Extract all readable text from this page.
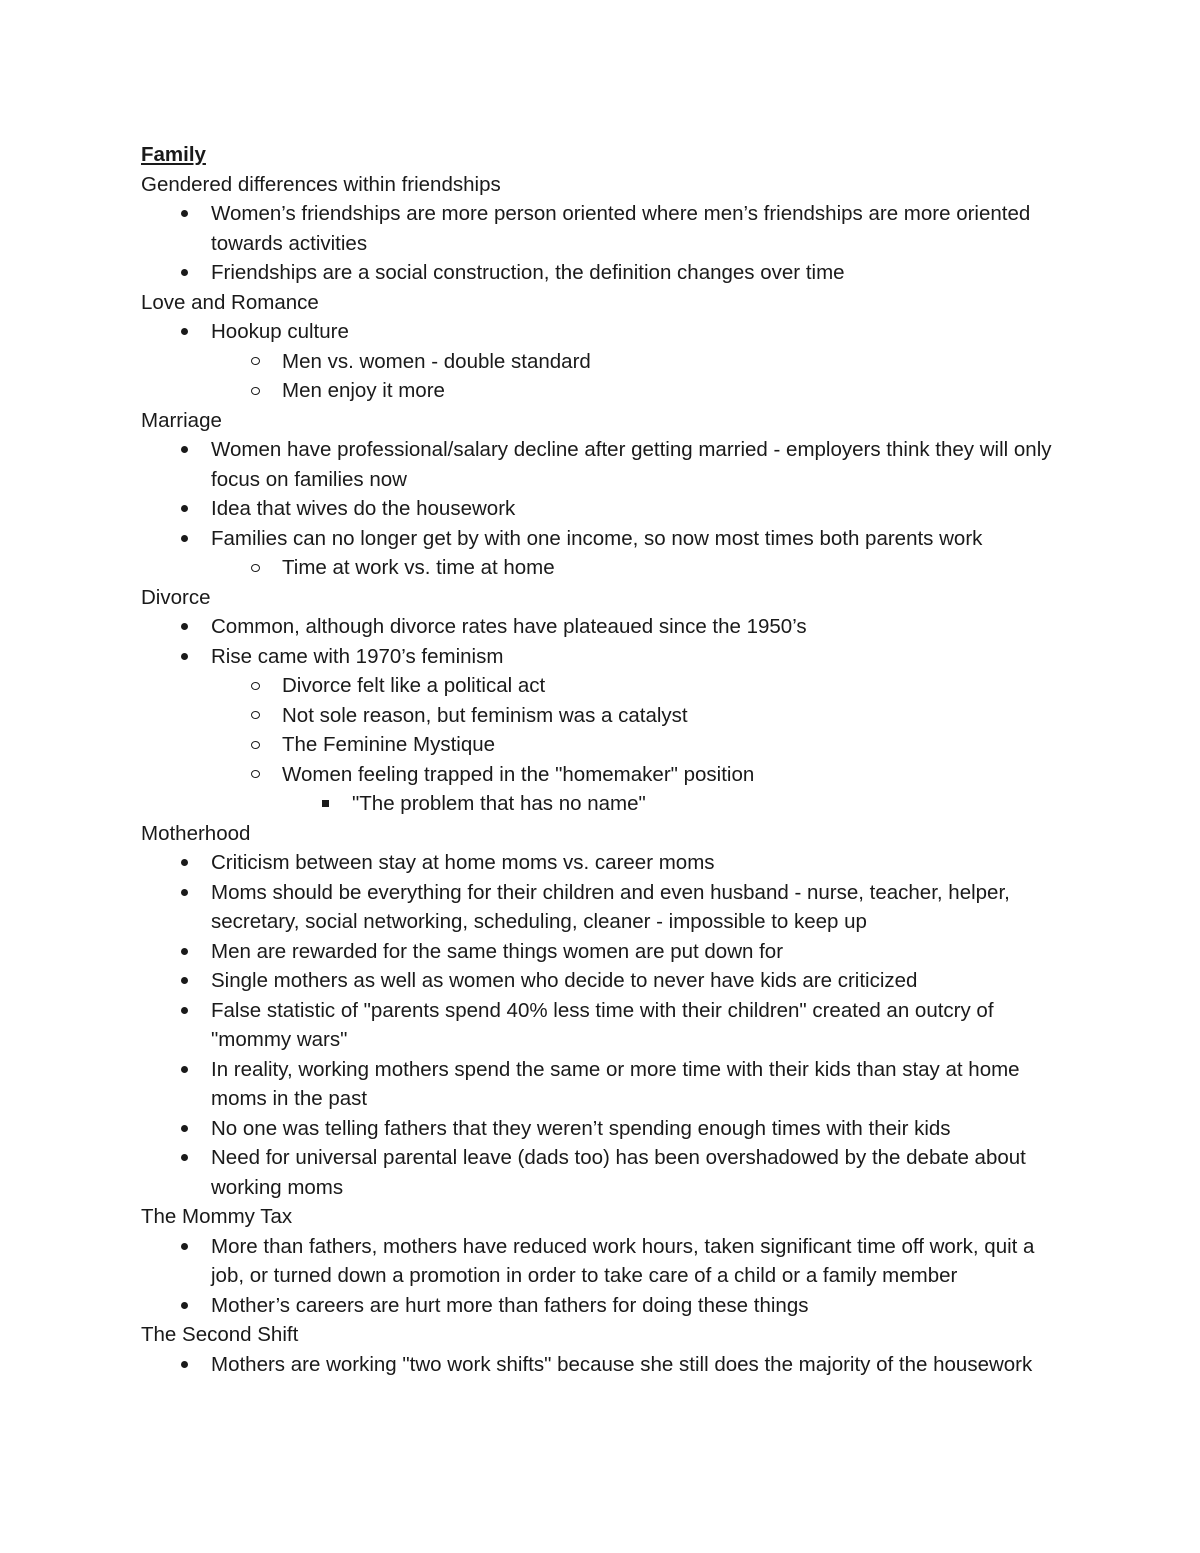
Family
Gendered differences within friendships
Women’s friendships are more person oriented where men’s friendships are more oriented towards activities
Friendships are a social construction, the definition changes over time
Love and Romance
Hookup culture
Men vs. women - double standard
Men enjoy it more
Marriage
Women have professional/salary decline after getting married - employers think they will only focus on families now
Idea that wives do the housework
Families can no longer get by with one income, so now most times both parents work
Time at work vs. time at home
Divorce
Common, although divorce rates have plateaued since the 1950’s
Rise came with 1970’s feminism
Divorce felt like a political act
Not sole reason, but feminism was a catalyst
The Feminine Mystique
Women feeling trapped in the "homemaker" position
"The problem that has no name"
Motherhood
Criticism between stay at home moms vs. career moms
Moms should be everything for their children and even husband - nurse, teacher, helper, secretary, social networking, scheduling, cleaner - impossible to keep up
Men are rewarded for the same things women are put down for
Single mothers as well as women who decide to never have kids are criticized
False statistic of "parents spend 40% less time with their children" created an outcry of "mommy wars"
In reality, working mothers spend the same or more time with their kids than stay at home moms in the past
No one was telling fathers that they weren’t spending enough times with their kids
Need for universal parental leave (dads too) has been overshadowed by the debate about working moms
The Mommy Tax
More than fathers, mothers have reduced work hours, taken significant time off work, quit a job, or turned down a promotion in order to take care of a child or a family member
Mother’s careers are hurt more than fathers for doing these things
The Second Shift
Mothers are working "two work shifts" because she still does the majority of the housework
